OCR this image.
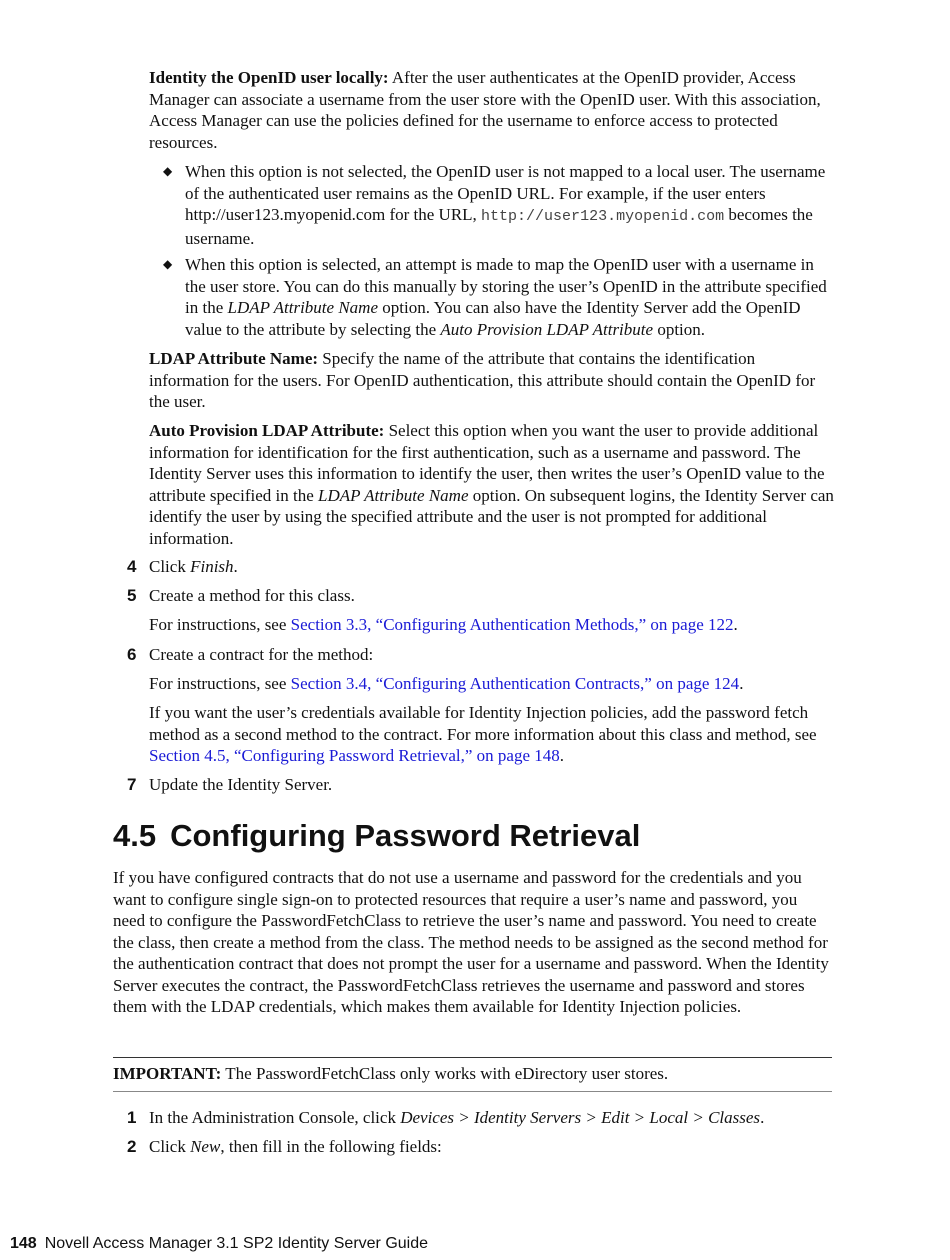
Identity the OpenID user locally: After the user authenticates at the OpenID provider, Access Manager can associate a username from the user store with the OpenID user. With this association, Access Manager can use the policies defined for the username to enforce access to protected resources.

◆ When this option is not selected, the OpenID user is not mapped to a local user. The username of the authenticated user remains as the OpenID URL. For example, if the user enters http://user123.myopenid.com for the URL, http://user123.myopenid.com becomes the username.

◆ When this option is selected, an attempt is made to map the OpenID user with a username in the user store. You can do this manually by storing the user’s OpenID in the attribute specified in the LDAP Attribute Name option. You can also have the Identity Server add the OpenID value to the attribute by selecting the Auto Provision LDAP Attribute option.

LDAP Attribute Name: Specify the name of the attribute that contains the identification information for the users. For OpenID authentication, this attribute should contain the OpenID for the user.

Auto Provision LDAP Attribute: Select this option when you want the user to provide additional information for identification for the first authentication, such as a username and password. The Identity Server uses this information to identify the user, then writes the user’s OpenID value to the attribute specified in the LDAP Attribute Name option. On subsequent logins, the Identity Server can identify the user by using the specified attribute and the user is not prompted for additional information.

4 Click Finish.

5 Create a method for this class.

For instructions, see Section 3.3, “Configuring Authentication Methods,” on page 122.

6 Create a contract for the method:

For instructions, see Section 3.4, “Configuring Authentication Contracts,” on page 124.

If you want the user’s credentials available for Identity Injection policies, add the password fetch method as a second method to the contract. For more information about this class and method, see Section 4.5, “Configuring Password Retrieval,” on page 148.

7 Update the Identity Server.

4.5 Configuring Password Retrieval

If you have configured contracts that do not use a username and password for the credentials and you want to configure single sign-on to protected resources that require a user’s name and password, you need to configure the PasswordFetchClass to retrieve the user’s name and password. You need to create the class, then create a method from the class. The method needs to be assigned as the second method for the authentication contract that does not prompt the user for a username and password. When the Identity Server executes the contract, the PasswordFetchClass retrieves the username and password and stores them with the LDAP credentials, which makes them available for Identity Injection policies.

IMPORTANT: The PasswordFetchClass only works with eDirectory user stores.

1 In the Administration Console, click Devices > Identity Servers > Edit > Local > Classes.

2 Click New, then fill in the following fields:

148 Novell Access Manager 3.1 SP2 Identity Server Guide
